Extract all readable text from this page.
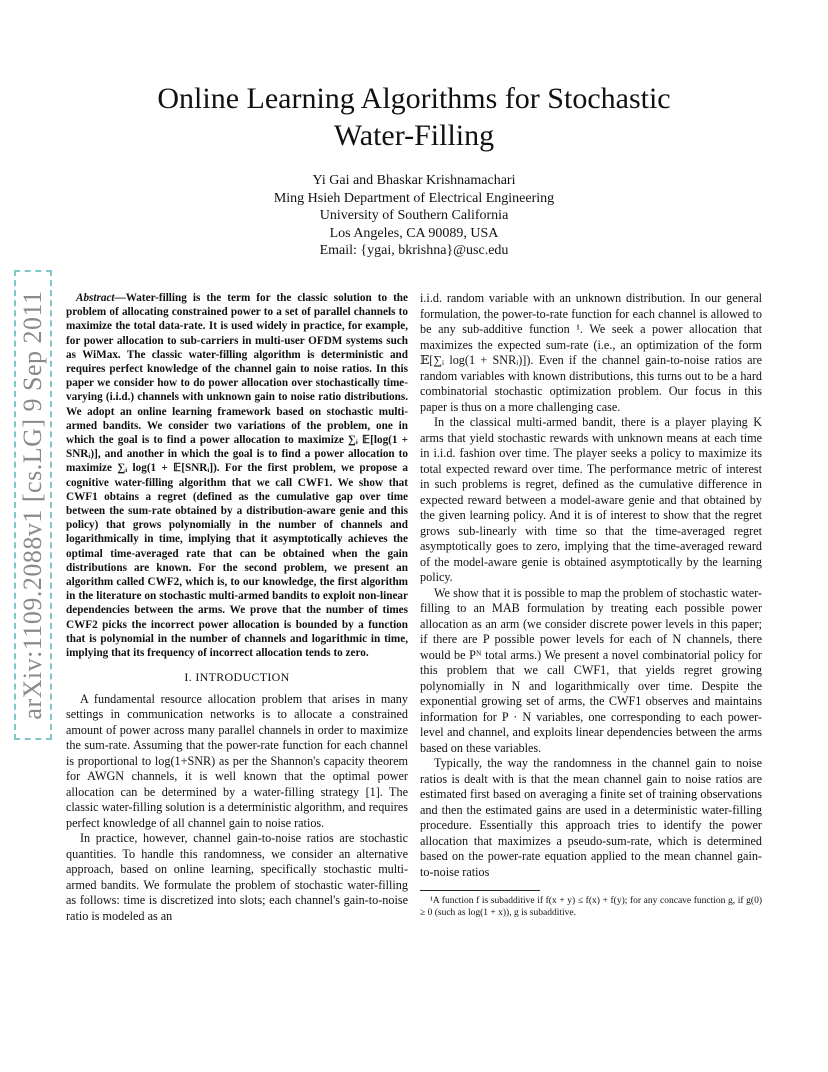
arXiv:1109.2088v1 [cs.LG] 9 Sep 2011
Online Learning Algorithms for Stochastic
Water-Filling
Yi Gai and Bhaskar Krishnamachari
Ming Hsieh Department of Electrical Engineering
University of Southern California
Los Angeles, CA 90089, USA
Email: {ygai, bkrishna}@usc.edu

Abstract—Water-filling is the term for the classic solution to the problem of allocating constrained power to a set of parallel channels to maximize the total data-rate. It is used widely in practice, for example, for power allocation to sub-carriers in multi-user OFDM systems such as WiMax. The classic water-filling algorithm is deterministic and requires perfect knowledge of the channel gain to noise ratios. In this paper we consider how to do power allocation over stochastically time-varying (i.i.d.) channels with unknown gain to noise ratio distributions. We adopt an online learning framework based on stochastic multi-armed bandits. We consider two variations of the problem, one in which the goal is to find a power allocation to maximize ∑ᵢ 𝔼[log(1 + SNRᵢ)], and another in which the goal is to find a power allocation to maximize ∑ᵢ log(1 + 𝔼[SNRᵢ]). For the first problem, we propose a cognitive water-filling algorithm that we call CWF1. We show that CWF1 obtains a regret (defined as the cumulative gap over time between the sum-rate obtained by a distribution-aware genie and this policy) that grows polynomially in the number of channels and logarithmically in time, implying that it asymptotically achieves the optimal time-averaged rate that can be obtained when the gain distributions are known. For the second problem, we present an algorithm called CWF2, which is, to our knowledge, the first algorithm in the literature on stochastic multi-armed bandits to exploit non-linear dependencies between the arms. We prove that the number of times CWF2 picks the incorrect power allocation is bounded by a function that is polynomial in the number of channels and logarithmic in time, implying that its frequency of incorrect allocation tends to zero.

I. INTRODUCTION

A fundamental resource allocation problem that arises in many settings in communication networks is to allocate a constrained amount of power across many parallel channels in order to maximize the sum-rate. Assuming that the power-rate function for each channel is proportional to log(1+SNR) as per the Shannon's capacity theorem for AWGN channels, it is well known that the optimal power allocation can be determined by a water-filling strategy [1]. The classic water-filling solution is a deterministic algorithm, and requires perfect knowledge of all channel gain to noise ratios.

In practice, however, channel gain-to-noise ratios are stochastic quantities. To handle this randomness, we consider an alternative approach, based on online learning, specifically stochastic multi-armed bandits. We formulate the problem of stochastic water-filling as follows: time is discretized into slots; each channel's gain-to-noise ratio is modeled as an

i.i.d. random variable with an unknown distribution. In our general formulation, the power-to-rate function for each channel is allowed to be any sub-additive function ¹. We seek a power allocation that maximizes the expected sum-rate (i.e., an optimization of the form 𝔼[∑ᵢ log(1 + SNRᵢ)]). Even if the channel gain-to-noise ratios are random variables with known distributions, this turns out to be a hard combinatorial stochastic optimization problem. Our focus in this paper is thus on a more challenging case.

In the classical multi-armed bandit, there is a player playing K arms that yield stochastic rewards with unknown means at each time in i.i.d. fashion over time. The player seeks a policy to maximize its total expected reward over time. The performance metric of interest in such problems is regret, defined as the cumulative difference in expected reward between a model-aware genie and that obtained by the given learning policy. And it is of interest to show that the regret grows sub-linearly with time so that the time-averaged regret asymptotically goes to zero, implying that the time-averaged reward of the model-aware genie is obtained asymptotically by the learning policy.

We show that it is possible to map the problem of stochastic water-filling to an MAB formulation by treating each possible power allocation as an arm (we consider discrete power levels in this paper; if there are P possible power levels for each of N channels, there would be Pᴺ total arms.) We present a novel combinatorial policy for this problem that we call CWF1, that yields regret growing polynomially in N and logarithmically over time. Despite the exponential growing set of arms, the CWF1 observes and maintains information for P · N variables, one corresponding to each power-level and channel, and exploits linear dependencies between the arms based on these variables.

Typically, the way the randomness in the channel gain to noise ratios is dealt with is that the mean channel gain to noise ratios are estimated first based on averaging a finite set of training observations and then the estimated gains are used in a deterministic water-filling procedure. Essentially this approach tries to identify the power allocation that maximizes a pseudo-sum-rate, which is determined based on the power-rate equation applied to the mean channel gain-to-noise ratios

¹A function f is subadditive if f(x + y) ≤ f(x) + f(y); for any concave function g, if g(0) ≥ 0 (such as log(1 + x)), g is subadditive.
